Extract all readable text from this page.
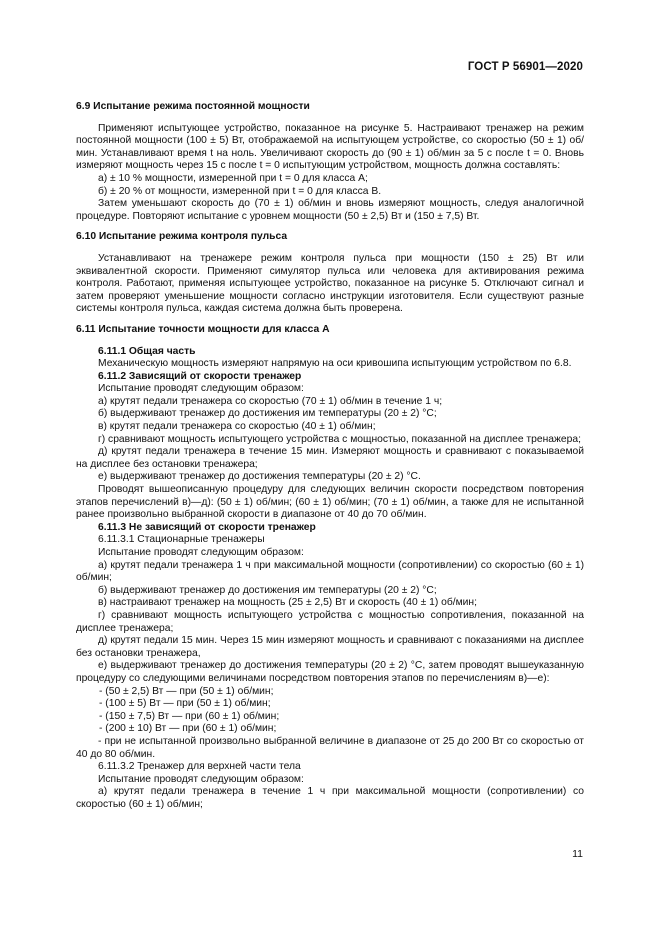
ГОСТ Р 56901—2020

6.9 Испытание режима постоянной мощности

Применяют испытующее устройство, показанное на рисунке 5. Настраивают тренажер на режим постоянной мощности (100 ± 5) Вт, отображаемой на испытующем устройстве, со скоростью (50 ± 1) об/мин. Устанавливают время t на ноль. Увеличивают скорость до (90 ± 1) об/мин за 5 с после t = 0. Вновь измеряют мощность через 15 с после t = 0 испытующим устройством, мощность должна составлять:

а) ± 10 % мощности, измеренной при t = 0 для класса А;

б) ± 20 % от мощности, измеренной при t = 0 для класса В.

Затем уменьшают скорость до (70 ± 1) об/мин и вновь измеряют мощность, следуя аналогичной процедуре. Повторяют испытание с уровнем мощности (50 ± 2,5) Вт и (150 ± 7,5) Вт.

6.10 Испытание режима контроля пульса

Устанавливают на тренажере режим контроля пульса при мощности (150 ± 25) Вт или эквивалентной скорости. Применяют симулятор пульса или человека для активирования режима контроля. Работают, применяя испытующее устройство, показанное на рисунке 5. Отключают сигнал и затем проверяют уменьшение мощности согласно инструкции изготовителя. Если существуют разные системы контроля пульса, каждая система должна быть проверена.

6.11 Испытание точности мощности для класса А

6.11.1 Общая часть

Механическую мощность измеряют напрямую на оси кривошипа испытующим устройством по 6.8.

6.11.2 Зависящий от скорости тренажер

Испытание проводят следующим образом:

а) крутят педали тренажера со скоростью (70 ± 1) об/мин в течение 1 ч;

б) выдерживают тренажер до достижения им температуры (20 ± 2) °С;

в) крутят педали тренажера со скоростью (40 ± 1) об/мин;

г) сравнивают мощность испытующего устройства с мощностью, показанной на дисплее тренажера;

д) крутят педали тренажера в течение 15 мин. Измеряют мощность и сравнивают с показываемой на дисплее без остановки тренажера;

е) выдерживают тренажер до достижения температуры (20 ± 2) °С.

Проводят вышеописанную процедуру для следующих величин скорости посредством повторения этапов перечислений в)—д): (50 ± 1) об/мин; (60 ± 1) об/мин; (70 ± 1) об/мин, а также для не испытанной ранее произвольно выбранной скорости в диапазоне от 40 до 70 об/мин.

6.11.3 Не зависящий от скорости тренажер

6.11.3.1 Стационарные тренажеры

Испытание проводят следующим образом:

а) крутят педали тренажера 1 ч при максимальной мощности (сопротивлении) со скоростью (60 ± 1) об/мин;

б) выдерживают тренажер до достижения им температуры (20 ± 2) °С;

в) настраивают тренажер на мощность (25 ± 2,5) Вт и скорость (40 ± 1) об/мин;

г) сравнивают мощность испытующего устройства с мощностью сопротивления, показанной на дисплее тренажера;

д) крутят педали 15 мин. Через 15 мин измеряют мощность и сравнивают с показаниями на дисплее без остановки тренажера,

е) выдерживают тренажер до достижения температуры (20 ± 2) °С, затем проводят вышеуказанную процедуру со следующими величинами посредством повторения этапов по перечислениям в)—е):

- (50 ± 2,5) Вт — при (50 ± 1) об/мин;

- (100 ± 5) Вт — при (50 ± 1) об/мин;

- (150 ± 7,5) Вт — при (60 ± 1) об/мин;

- (200 ± 10) Вт — при (60 ± 1) об/мин;

- при не испытанной произвольно выбранной величине в диапазоне от 25 до 200 Вт со скоростью от 40 до 80 об/мин.

6.11.3.2 Тренажер для верхней части тела

Испытание проводят следующим образом:

а) крутят педали тренажера в течение 1 ч при максимальной мощности (сопротивлении) со скоростью (60 ± 1) об/мин;

11
